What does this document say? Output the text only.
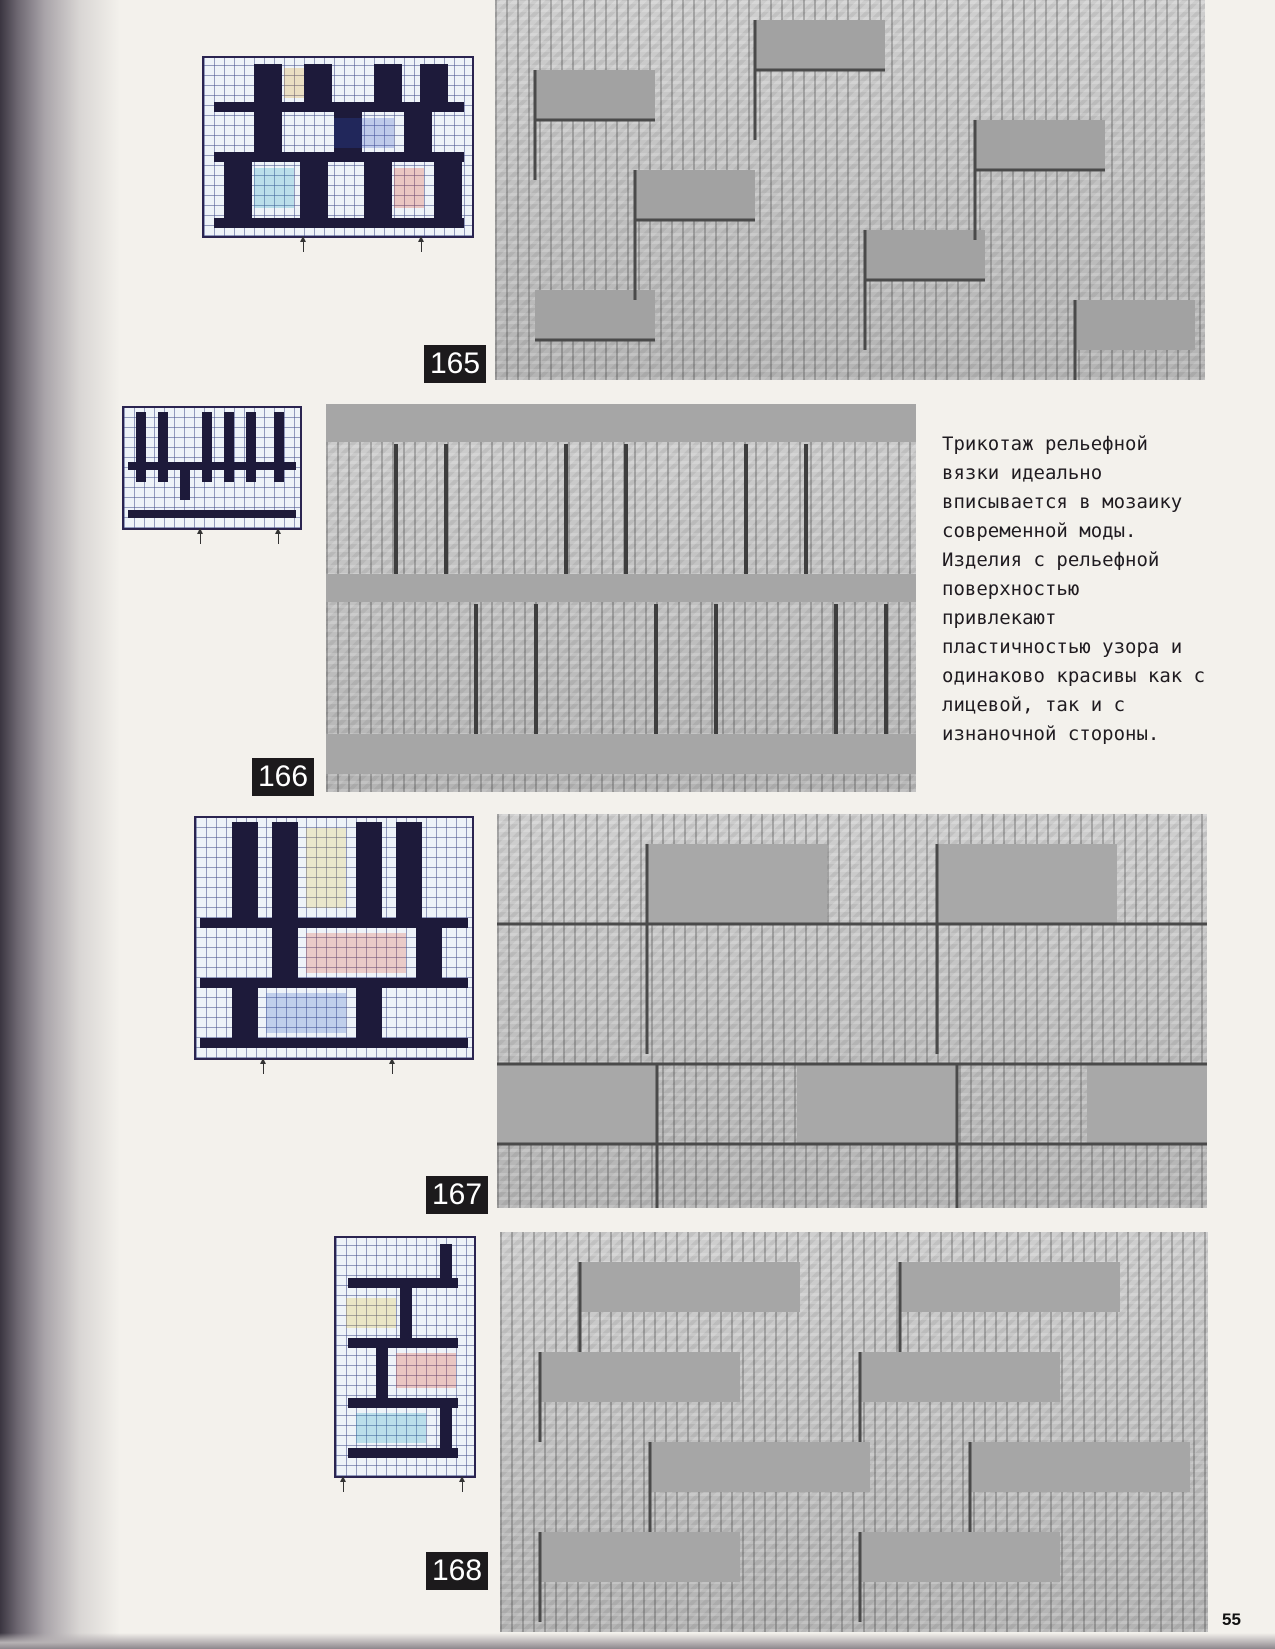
165
166
Трикотаж рельефной
вязки идеально
вписывается в мозаику
современной моды.
Изделия с рельефной
поверхностью
привлекают
пластичностью узора и
одинаково красивы как с
лицевой, так и с
изнаночной стороны.
167
168
55
